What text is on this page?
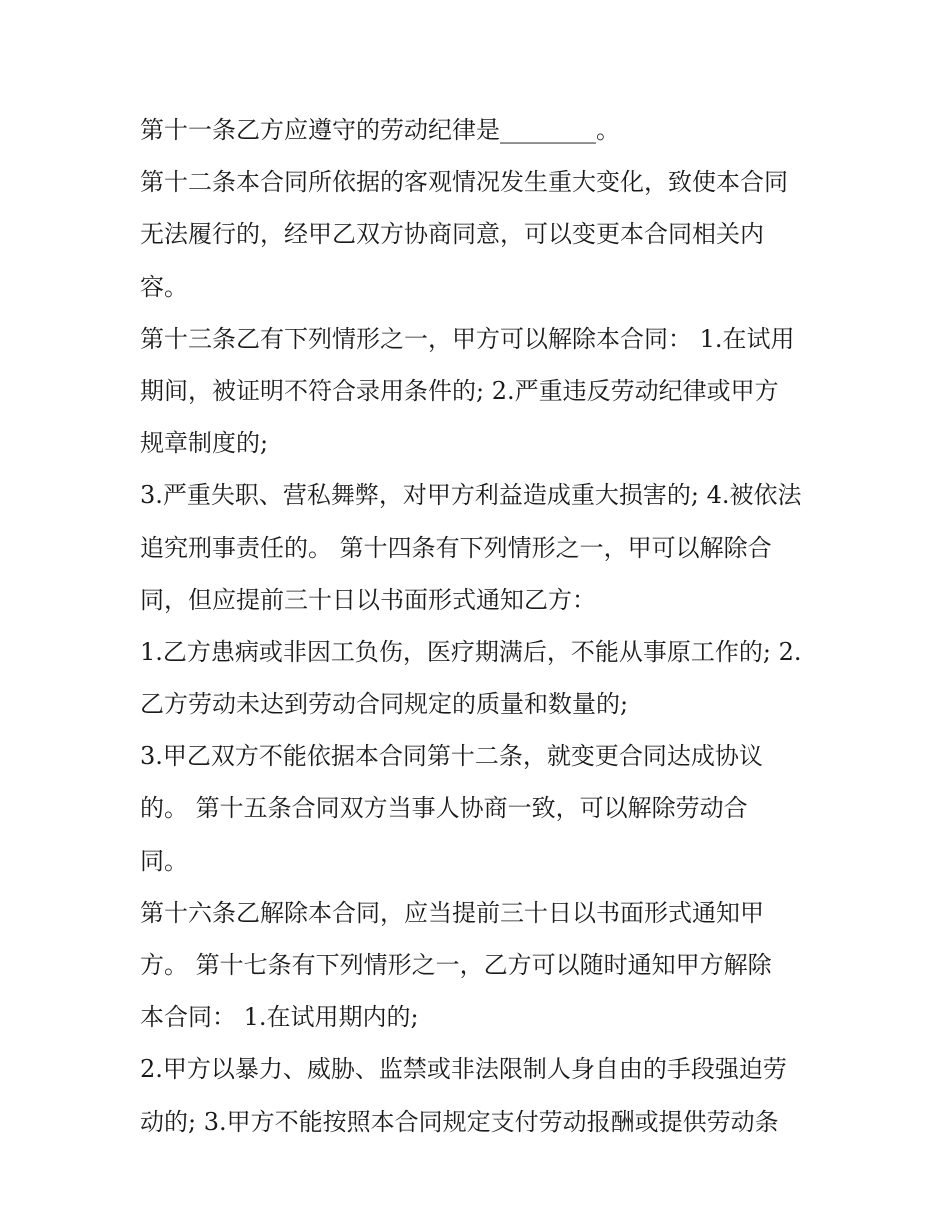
第十一条乙方应遵守的劳动纪律是________。
第十二条本合同所依据的客观情况发生重大变化，致使本合同
无法履行的，经甲乙双方协商同意，可以变更本合同相关内
容。
第十三条乙有下列情形之一，甲方可以解除本合同： 1.在试用
期间，被证明不符合录用条件的; 2.严重违反劳动纪律或甲方
规章制度的;
3.严重失职、营私舞弊，对甲方利益造成重大损害的; 4.被依法
追究刑事责任的。 第十四条有下列情形之一，甲可以解除合
同，但应提前三十日以书面形式通知乙方：
1.乙方患病或非因工负伤，医疗期满后，不能从事原工作的; 2.
乙方劳动未达到劳动合同规定的质量和数量的;
3.甲乙双方不能依据本合同第十二条，就变更合同达成协议
的。 第十五条合同双方当事人协商一致，可以解除劳动合
同。
第十六条乙解除本合同，应当提前三十日以书面形式通知甲
方。 第十七条有下列情形之一，乙方可以随时通知甲方解除
本合同： 1.在试用期内的;
2.甲方以暴力、威胁、监禁或非法限制人身自由的手段强迫劳
动的; 3.甲方不能按照本合同规定支付劳动报酬或提供劳动条
